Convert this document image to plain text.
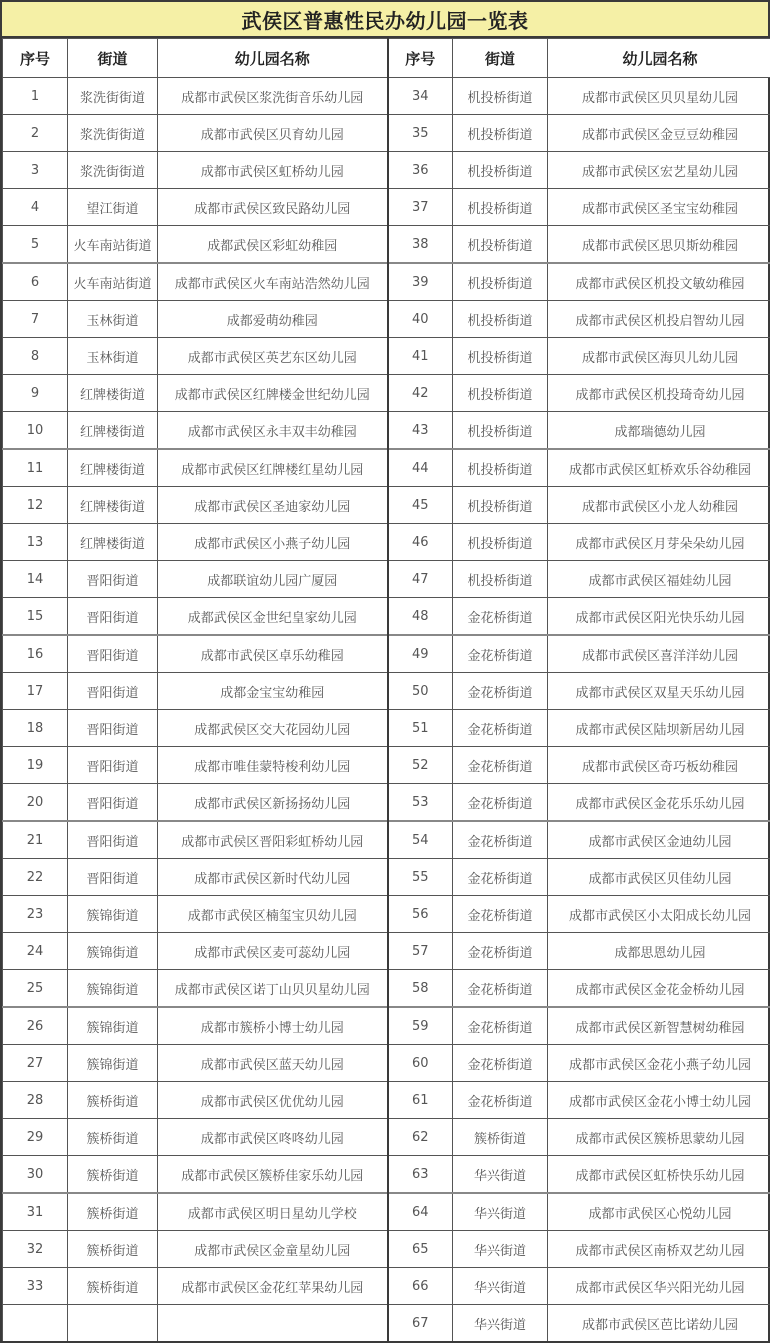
武侯区普惠性民办幼儿园一览表
序号	街道	幼儿园名称	序号	街道	幼儿园名称
1	浆洗街街道	成都市武侯区浆洗街音乐幼儿园	34	机投桥街道	成都市武侯区贝贝星幼儿园
2	浆洗街街道	成都市武侯区贝育幼儿园	35	机投桥街道	成都市武侯区金豆豆幼稚园
3	浆洗街街道	成都市武侯区虹桥幼儿园	36	机投桥街道	成都市武侯区宏艺星幼儿园
4	望江街道	成都市武侯区致民路幼儿园	37	机投桥街道	成都市武侯区圣宝宝幼稚园
5	火车南站街道	成都武侯区彩虹幼稚园	38	机投桥街道	成都市武侯区思贝斯幼稚园
6	火车南站街道	成都市武侯区火车南站浩然幼儿园	39	机投桥街道	成都市武侯区机投文敏幼稚园
7	玉林街道	成都爱萌幼稚园	40	机投桥街道	成都市武侯区机投启智幼儿园
8	玉林街道	成都市武侯区英艺东区幼儿园	41	机投桥街道	成都市武侯区海贝儿幼儿园
9	红牌楼街道	成都市武侯区红牌楼金世纪幼儿园	42	机投桥街道	成都市武侯区机投琦奇幼儿园
10	红牌楼街道	成都市武侯区永丰双丰幼稚园	43	机投桥街道	成都瑞德幼儿园
11	红牌楼街道	成都市武侯区红牌楼红星幼儿园	44	机投桥街道	成都市武侯区虹桥欢乐谷幼稚园
12	红牌楼街道	成都市武侯区圣迪家幼儿园	45	机投桥街道	成都市武侯区小龙人幼稚园
13	红牌楼街道	成都市武侯区小燕子幼儿园	46	机投桥街道	成都市武侯区月芽朵朵幼儿园
14	晋阳街道	成都联谊幼儿园广厦园	47	机投桥街道	成都市武侯区福娃幼儿园
15	晋阳街道	成都武侯区金世纪皇家幼儿园	48	金花桥街道	成都市武侯区阳光快乐幼儿园
16	晋阳街道	成都市武侯区卓乐幼稚园	49	金花桥街道	成都市武侯区喜洋洋幼儿园
17	晋阳街道	成都金宝宝幼稚园	50	金花桥街道	成都市武侯区双星天乐幼儿园
18	晋阳街道	成都武侯区交大花园幼儿园	51	金花桥街道	成都市武侯区陆坝新居幼儿园
19	晋阳街道	成都市唯佳蒙特梭利幼儿园	52	金花桥街道	成都市武侯区奇巧板幼稚园
20	晋阳街道	成都市武侯区新扬扬幼儿园	53	金花桥街道	成都市武侯区金花乐乐幼儿园
21	晋阳街道	成都市武侯区晋阳彩虹桥幼儿园	54	金花桥街道	成都市武侯区金迪幼儿园
22	晋阳街道	成都市武侯区新时代幼儿园	55	金花桥街道	成都市武侯区贝佳幼儿园
23	簇锦街道	成都市武侯区楠玺宝贝幼儿园	56	金花桥街道	成都市武侯区小太阳成长幼儿园
24	簇锦街道	成都市武侯区麦可蕊幼儿园	57	金花桥街道	成都思恩幼儿园
25	簇锦街道	成都市武侯区诺丁山贝贝星幼儿园	58	金花桥街道	成都市武侯区金花金桥幼儿园
26	簇锦街道	成都市簇桥小博士幼儿园	59	金花桥街道	成都市武侯区新智慧树幼稚园
27	簇锦街道	成都市武侯区蓝天幼儿园	60	金花桥街道	成都市武侯区金花小燕子幼儿园
28	簇桥街道	成都市武侯区优优幼儿园	61	金花桥街道	成都市武侯区金花小博士幼儿园
29	簇桥街道	成都市武侯区咚咚幼儿园	62	簇桥街道	成都市武侯区簇桥思蒙幼儿园
30	簇桥街道	成都市武侯区簇桥佳家乐幼儿园	63	华兴街道	成都市武侯区虹桥快乐幼儿园
31	簇桥街道	成都市武侯区明日星幼儿学校	64	华兴街道	成都市武侯区心悦幼儿园
32	簇桥街道	成都市武侯区金童星幼儿园	65	华兴街道	成都市武侯区南桥双艺幼儿园
33	簇桥街道	成都市武侯区金花红苹果幼儿园	66	华兴街道	成都市武侯区华兴阳光幼儿园
			67	华兴街道	成都市武侯区芭比诺幼儿园
